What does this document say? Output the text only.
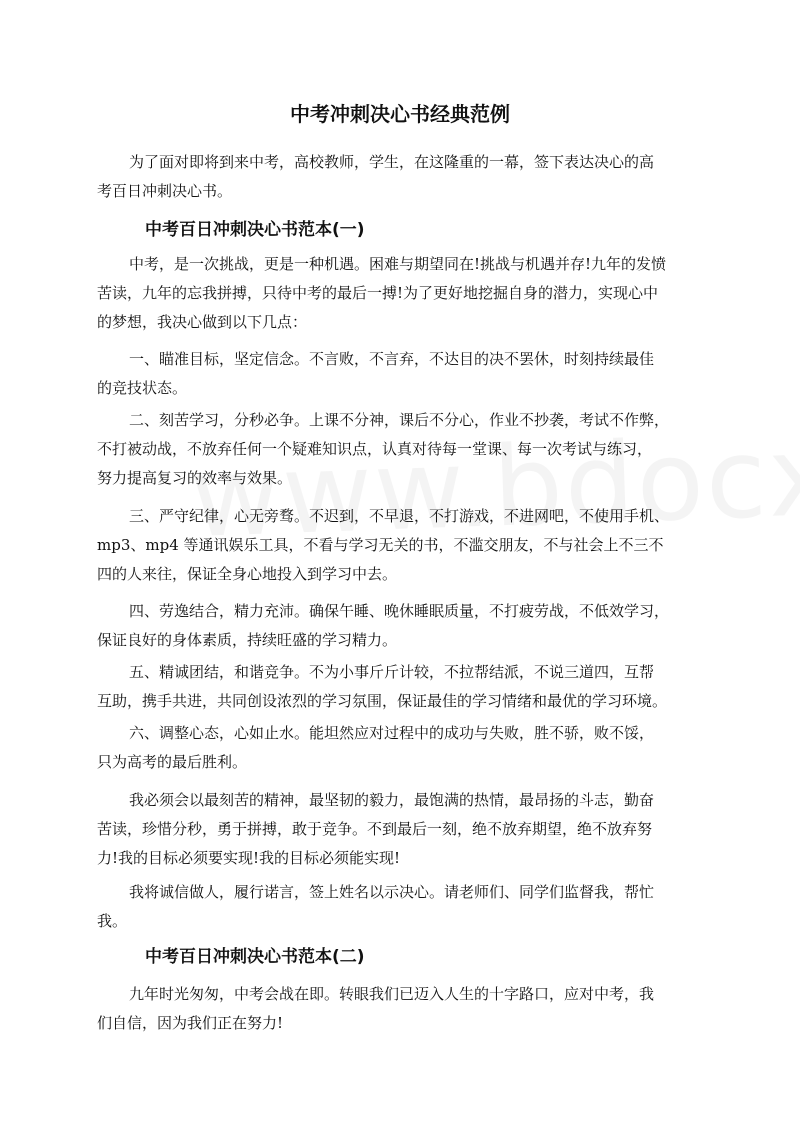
中考冲刺决心书经典范例
为了面对即将到来中考，高校教师，学生，在这隆重的一幕，签下表达决心的高
考百日冲刺决心书。
中考百日冲刺决心书范本(一)
中考，是一次挑战，更是一种机遇。困难与期望同在!挑战与机遇并存!九年的发愤
苦读，九年的忘我拼搏，只待中考的最后一搏!为了更好地挖掘自身的潜力，实现心中
的梦想，我决心做到以下几点：
一、瞄准目标，坚定信念。不言败，不言弃，不达目的决不罢休，时刻持续最佳
的竞技状态。
二、刻苦学习，分秒必争。上课不分神，课后不分心，作业不抄袭，考试不作弊，
不打被动战，不放弃任何一个疑难知识点，认真对待每一堂课、每一次考试与练习，
努力提高复习的效率与效果。
三、严守纪律，心无旁骛。不迟到，不早退，不打游戏，不进网吧，不使用手机、
mp3、mp4 等通讯娱乐工具，不看与学习无关的书，不滥交朋友，不与社会上不三不
四的人来往，保证全身心地投入到学习中去。
四、劳逸结合，精力充沛。确保午睡、晚休睡眠质量，不打疲劳战，不低效学习，
保证良好的身体素质，持续旺盛的学习精力。
五、精诚团结，和谐竞争。不为小事斤斤计较，不拉帮结派，不说三道四，互帮
互助，携手共进，共同创设浓烈的学习氛围，保证最佳的学习情绪和最优的学习环境。
六、调整心态，心如止水。能坦然应对过程中的成功与失败，胜不骄，败不馁，
只为高考的最后胜利。
我必须会以最刻苦的精神，最坚韧的毅力，最饱满的热情，最昂扬的斗志，勤奋
苦读，珍惜分秒，勇于拼搏，敢于竞争。不到最后一刻，绝不放弃期望，绝不放弃努
力!我的目标必须要实现!我的目标必须能实现!
我将诚信做人，履行诺言，签上姓名以示决心。请老师们、同学们监督我，帮忙
我。
中考百日冲刺决心书范本(二)
九年时光匆匆，中考会战在即。转眼我们已迈入人生的十字路口，应对中考，我
们自信，因为我们正在努力!
